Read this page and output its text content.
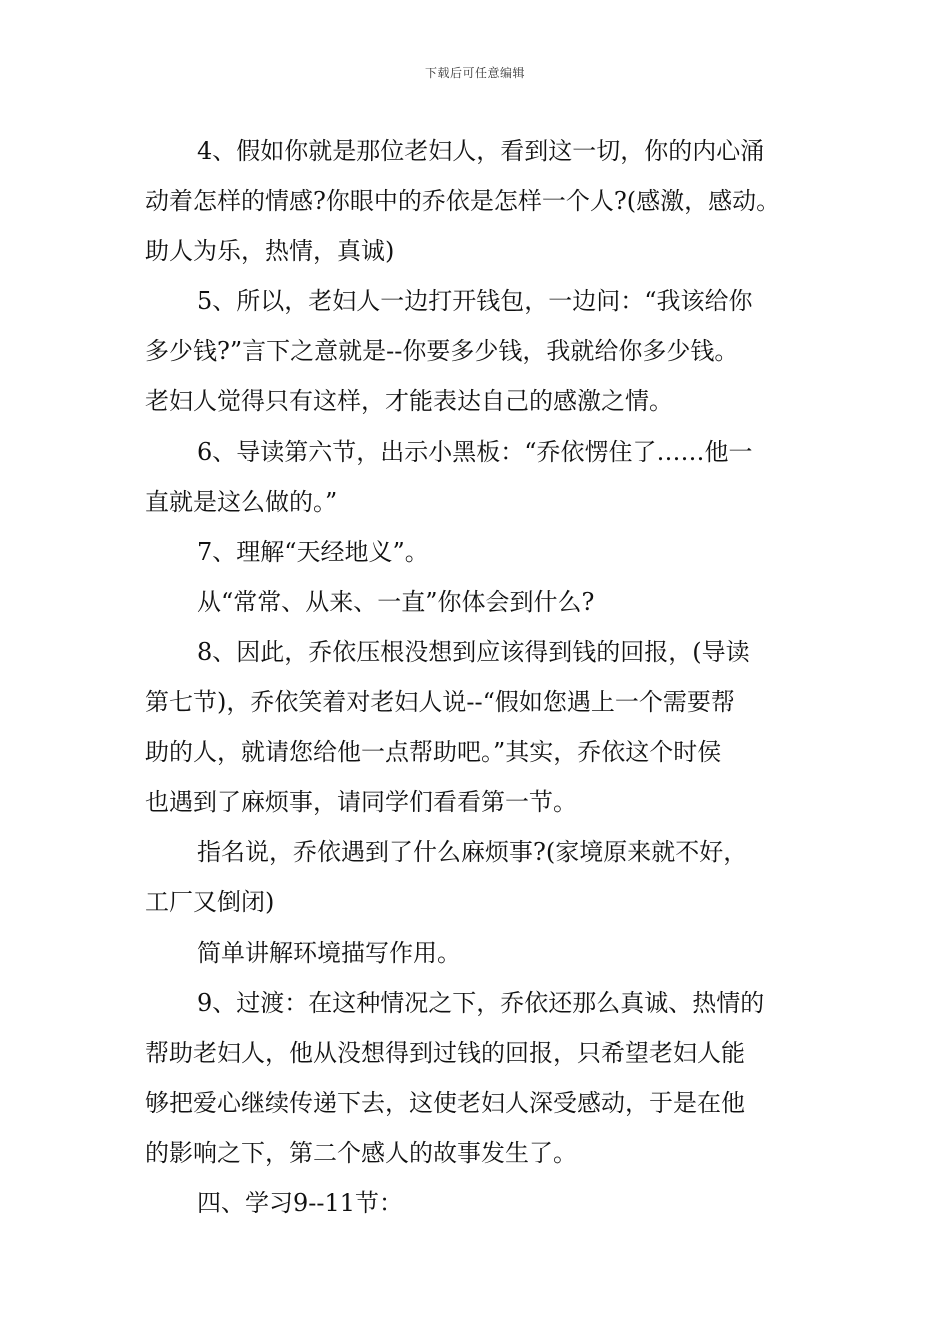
下载后可任意编辑
4、假如你就是那位老妇人，看到这一切，你的内心涌
动着怎样的情感?你眼中的乔依是怎样一个人?(感激，感动。
助人为乐，热情，真诚)
5、所以，老妇人一边打开钱包，一边问：“我该给你
多少钱?”言下之意就是--你要多少钱，我就给你多少钱。
老妇人觉得只有这样，才能表达自己的感激之情。
6、导读第六节，出示小黑板：“乔依愣住了……他一
直就是这么做的。”
7、理解“天经地义”。
从“常常、从来、一直”你体会到什么?
8、因此，乔依压根没想到应该得到钱的回报，(导读
第七节)，乔依笑着对老妇人说--“假如您遇上一个需要帮
助的人，就请您给他一点帮助吧。”其实，乔依这个时侯
也遇到了麻烦事，请同学们看看第一节。
指名说，乔依遇到了什么麻烦事?(家境原来就不好，
工厂又倒闭)
简单讲解环境描写作用。
9、过渡：在这种情况之下，乔依还那么真诚、热情的
帮助老妇人，他从没想得到过钱的回报，只希望老妇人能
够把爱心继续传递下去，这使老妇人深受感动，于是在他
的影响之下，第二个感人的故事发生了。
四、学习9--11节：
